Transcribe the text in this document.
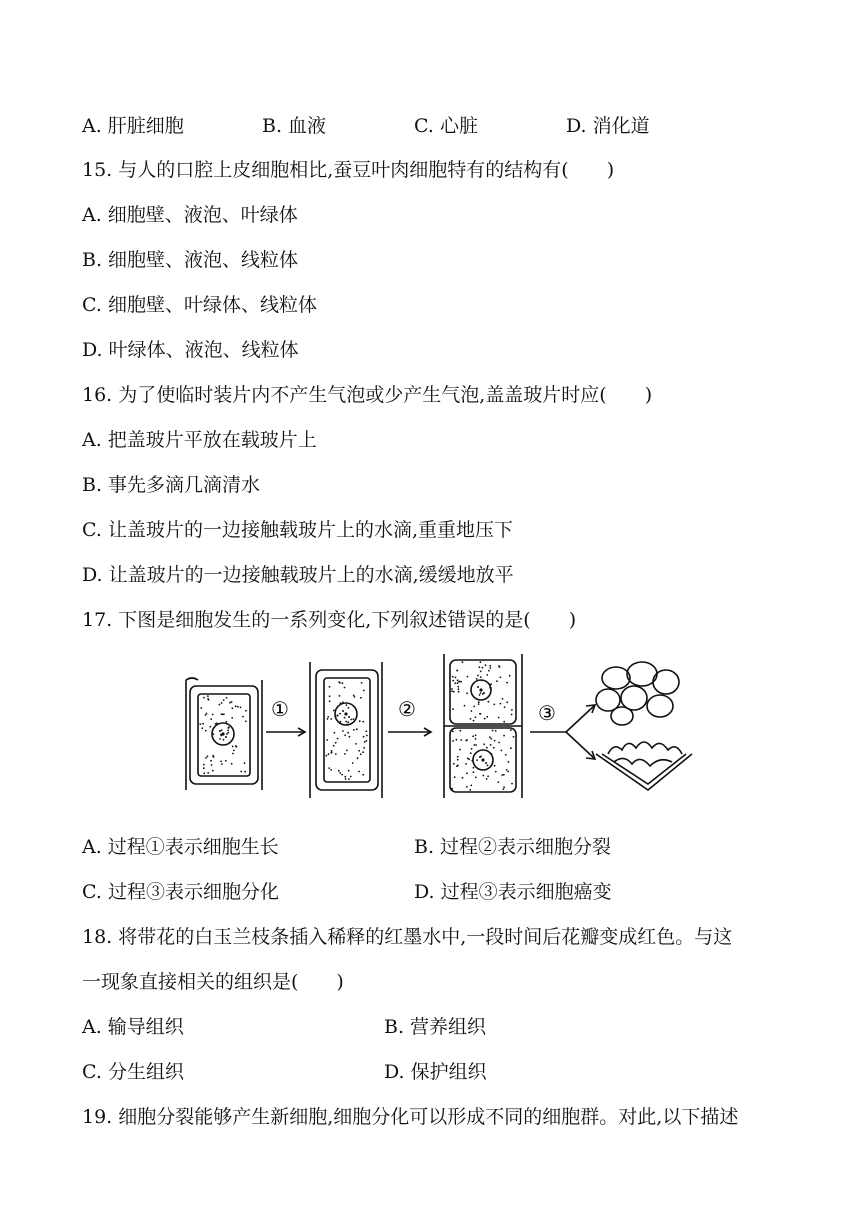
A. 肝脏细胞	B. 血液	C. 心脏	D. 消化道
15. 与人的口腔上皮细胞相比,蚕豆叶肉细胞特有的结构有(　　)
A. 细胞壁、液泡、叶绿体
B. 细胞壁、液泡、线粒体
C. 细胞壁、叶绿体、线粒体
D. 叶绿体、液泡、线粒体
16. 为了使临时装片内不产生气泡或少产生气泡,盖盖玻片时应(　　)
A. 把盖玻片平放在载玻片上
B. 事先多滴几滴清水
C. 让盖玻片的一边接触载玻片上的水滴,重重地压下
D. 让盖玻片的一边接触载玻片上的水滴,缓缓地放平
17. 下图是细胞发生的一系列变化,下列叙述错误的是(　　)
①	②	③
A. 过程①表示细胞生长	B. 过程②表示细胞分裂
C. 过程③表示细胞分化	D. 过程③表示细胞癌变
18. 将带花的白玉兰枝条插入稀释的红墨水中,一段时间后花瓣变成红色。与这
一现象直接相关的组织是(　　)
A. 输导组织	B. 营养组织
C. 分生组织	D. 保护组织
19. 细胞分裂能够产生新细胞,细胞分化可以形成不同的细胞群。对此,以下描述
